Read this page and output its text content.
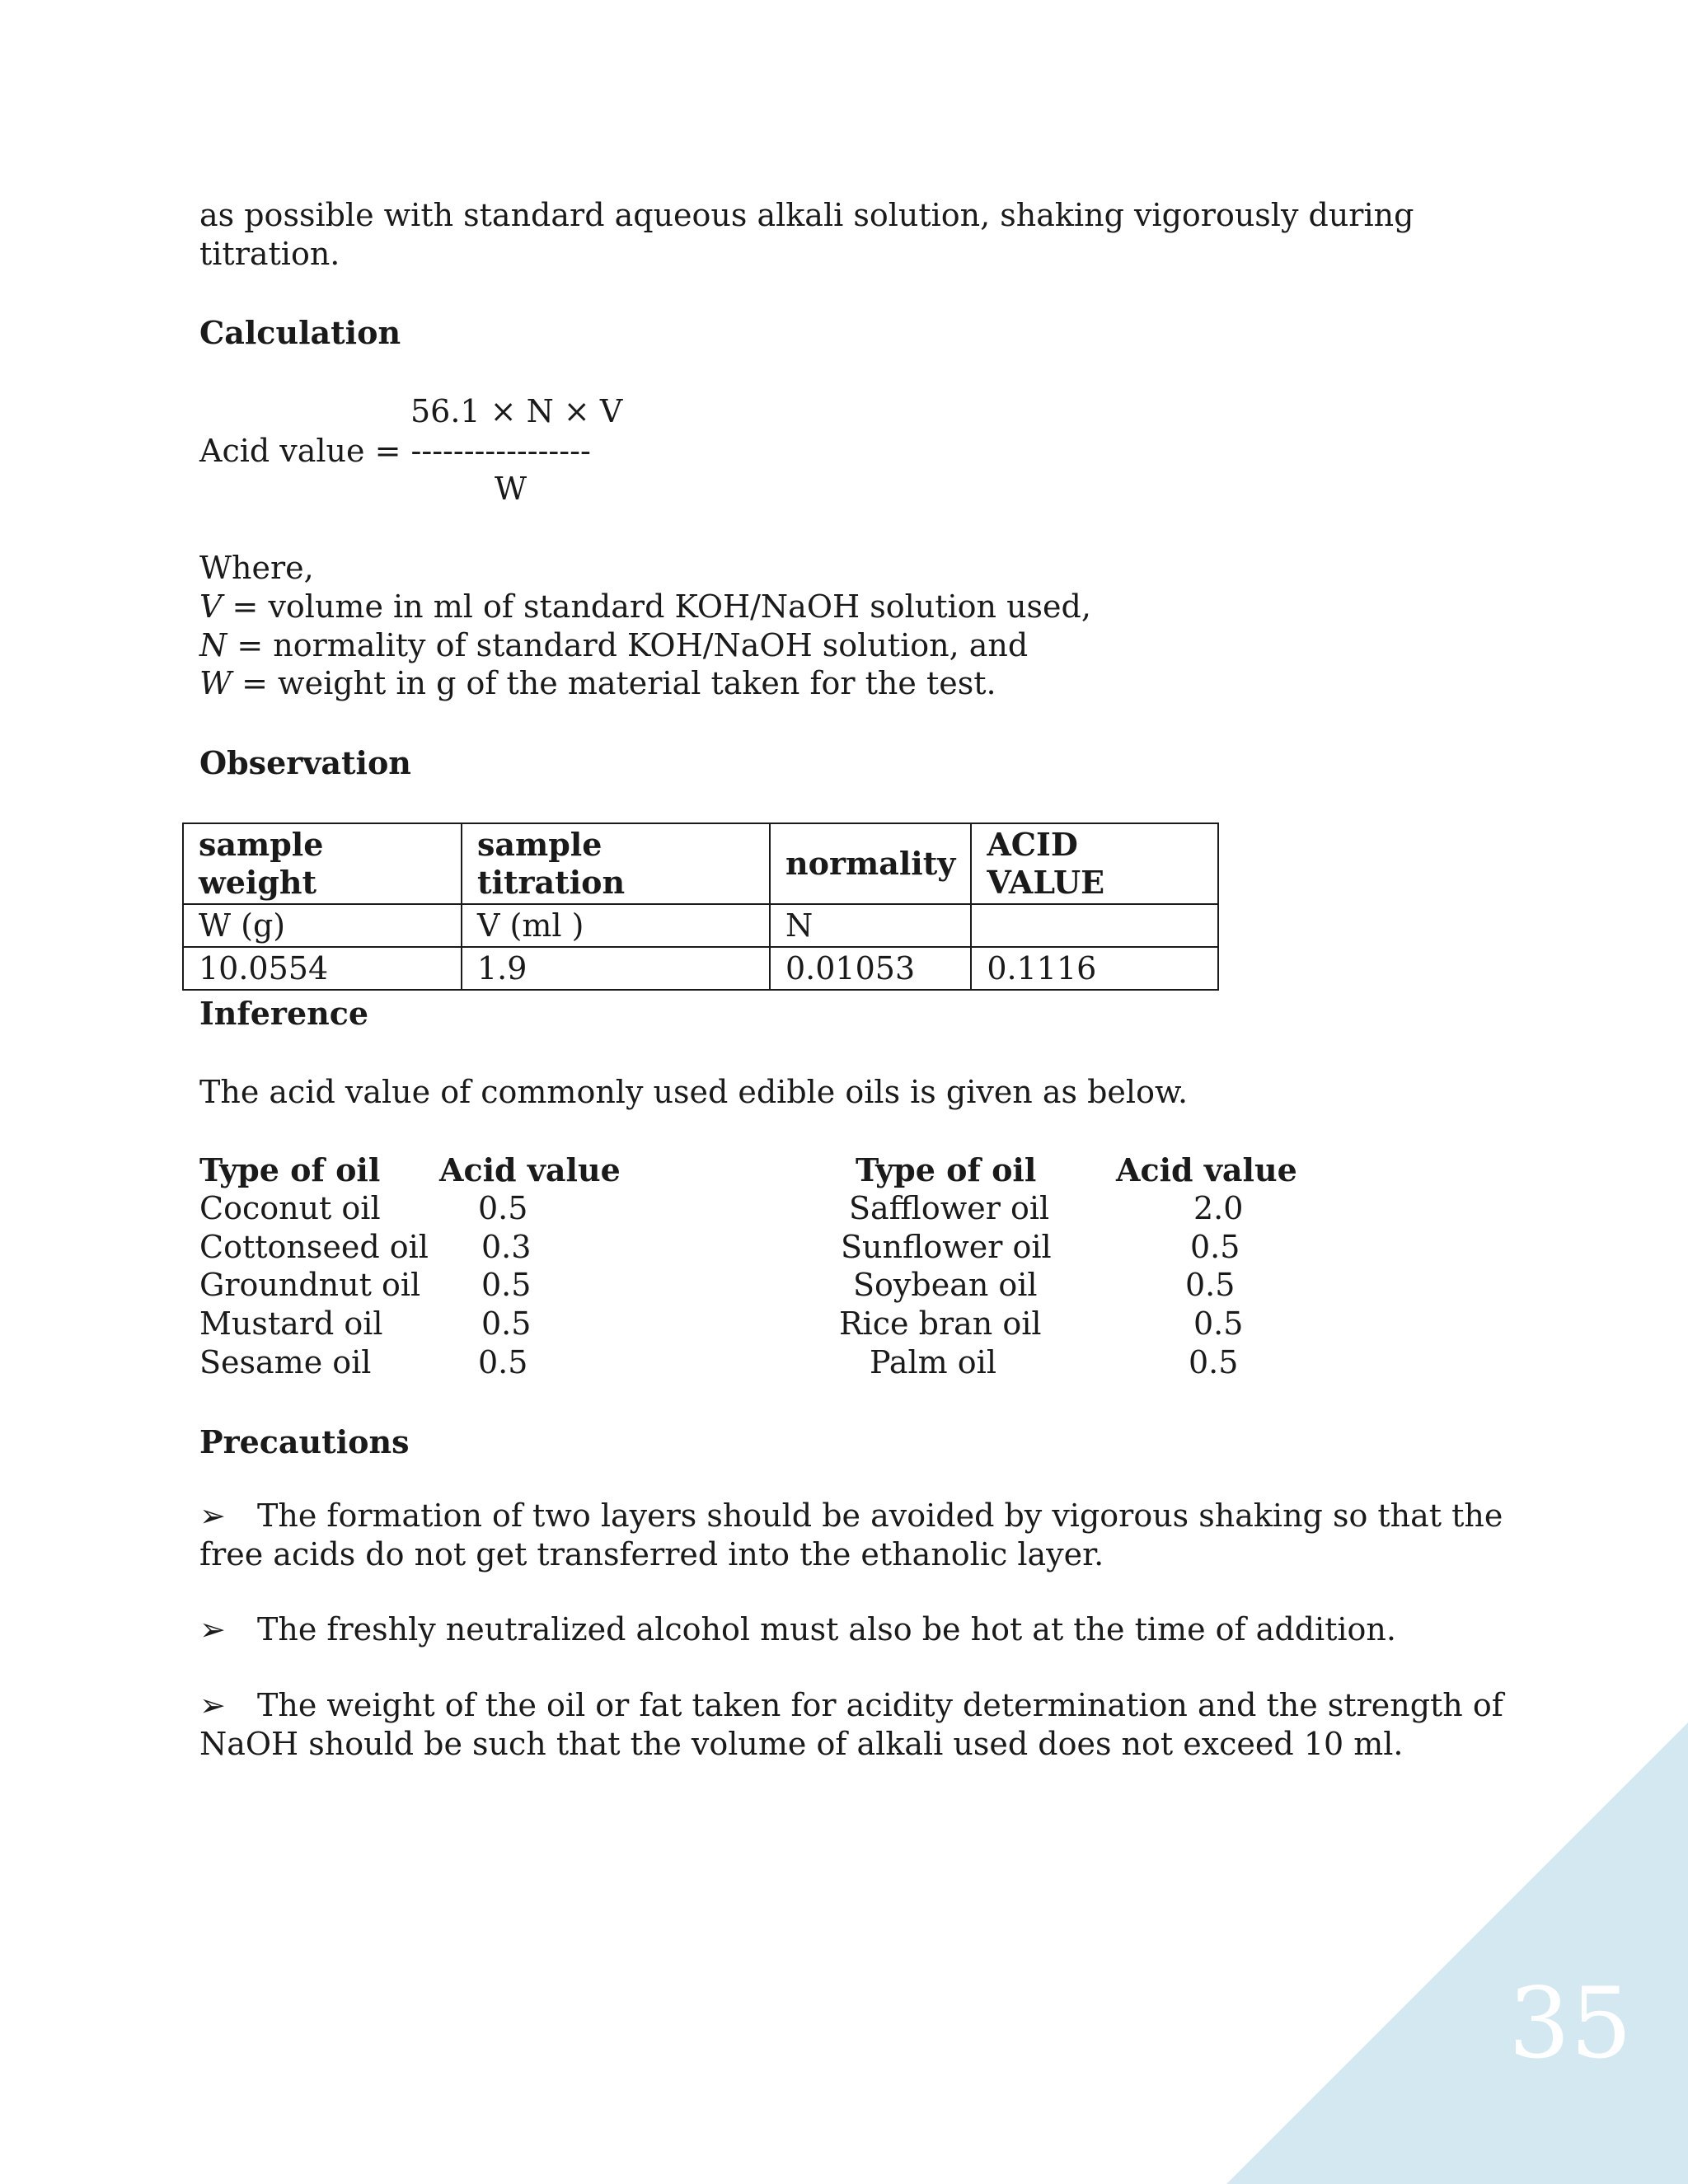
as possible with standard aqueous alkali solution, shaking vigorously during
titration.
Calculation
56.1 × N × V
Acid value = -----------------
W
Where,
V = volume in ml of standard KOH/NaOH solution used,
N = normality of standard KOH/NaOH solution, and
W = weight in g of the material taken for the test.
Observation
sample weight	sample titration	normality	ACID VALUE
W (g)	V (ml )	N	
10.0554	1.9	0.01053	0.1116
Inference
The acid value of commonly used edible oils is given as below.
Type of oil Acid value	Type of oil	Acid value
Coconut oil	0.5
Cottonseed oil 0.3
Groundnut oil 0.5
Mustard oil	0.5
Sesame oil	0.5
Safflower oil	2.0
Sunflower oil	0.5
Soybean oil	0.5
Rice bran oil	0.5
Palm oil	0.5
Precautions
➢ The formation of two layers should be avoided by vigorous shaking so that the
free acids do not get transferred into the ethanolic layer.
➢ The freshly neutralized alcohol must also be hot at the time of addition.
➢ The weight of the oil or fat taken for acidity determination and the strength of
NaOH should be such that the volume of alkali used does not exceed 10 ml.
35
